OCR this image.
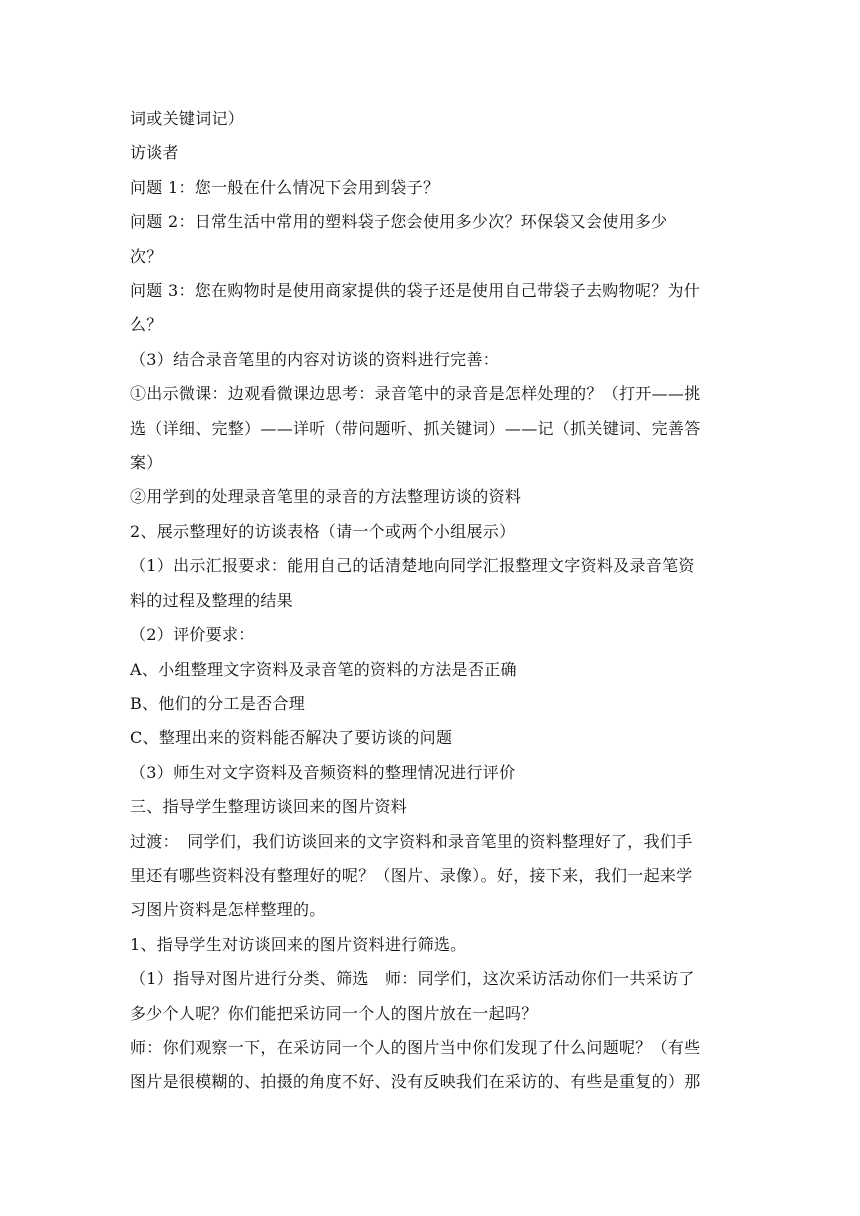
词或关键词记）

访谈者

问题 1：您一般在什么情况下会用到袋子？

问题 2：日常生活中常用的塑料袋子您会使用多少次？环保袋又会使用多少

次？

问题 3：您在购物时是使用商家提供的袋子还是使用自己带袋子去购物呢？为什

么？

（3）结合录音笔里的内容对访谈的资料进行完善：

①出示微课：边观看微课边思考：录音笔中的录音是怎样处理的？（打开——挑

选（详细、完整）——详听（带问题听、抓关键词）——记（抓关键词、完善答

案）

②用学到的处理录音笔里的录音的方法整理访谈的资料

2、展示整理好的访谈表格（请一个或两个小组展示）

（1）出示汇报要求：能用自己的话清楚地向同学汇报整理文字资料及录音笔资

料的过程及整理的结果

（2）评价要求：

A、小组整理文字资料及录音笔的资料的方法是否正确

B、他们的分工是否合理

C、整理出来的资料能否解决了要访谈的问题

（3）师生对文字资料及音频资料的整理情况进行评价

三、指导学生整理访谈回来的图片资料

过渡：　同学们，我们访谈回来的文字资料和录音笔里的资料整理好了，我们手

里还有哪些资料没有整理好的呢？（图片、录像）。好，接下来，我们一起来学

习图片资料是怎样整理的。

1、指导学生对访谈回来的图片资料进行筛选。

（1）指导对图片进行分类、筛选　师：同学们，这次采访活动你们一共采访了

多少个人呢？你们能把采访同一个人的图片放在一起吗？

师：你们观察一下，在采访同一个人的图片当中你们发现了什么问题呢？（有些

图片是很模糊的、拍摄的角度不好、没有反映我们在采访的、有些是重复的）那
